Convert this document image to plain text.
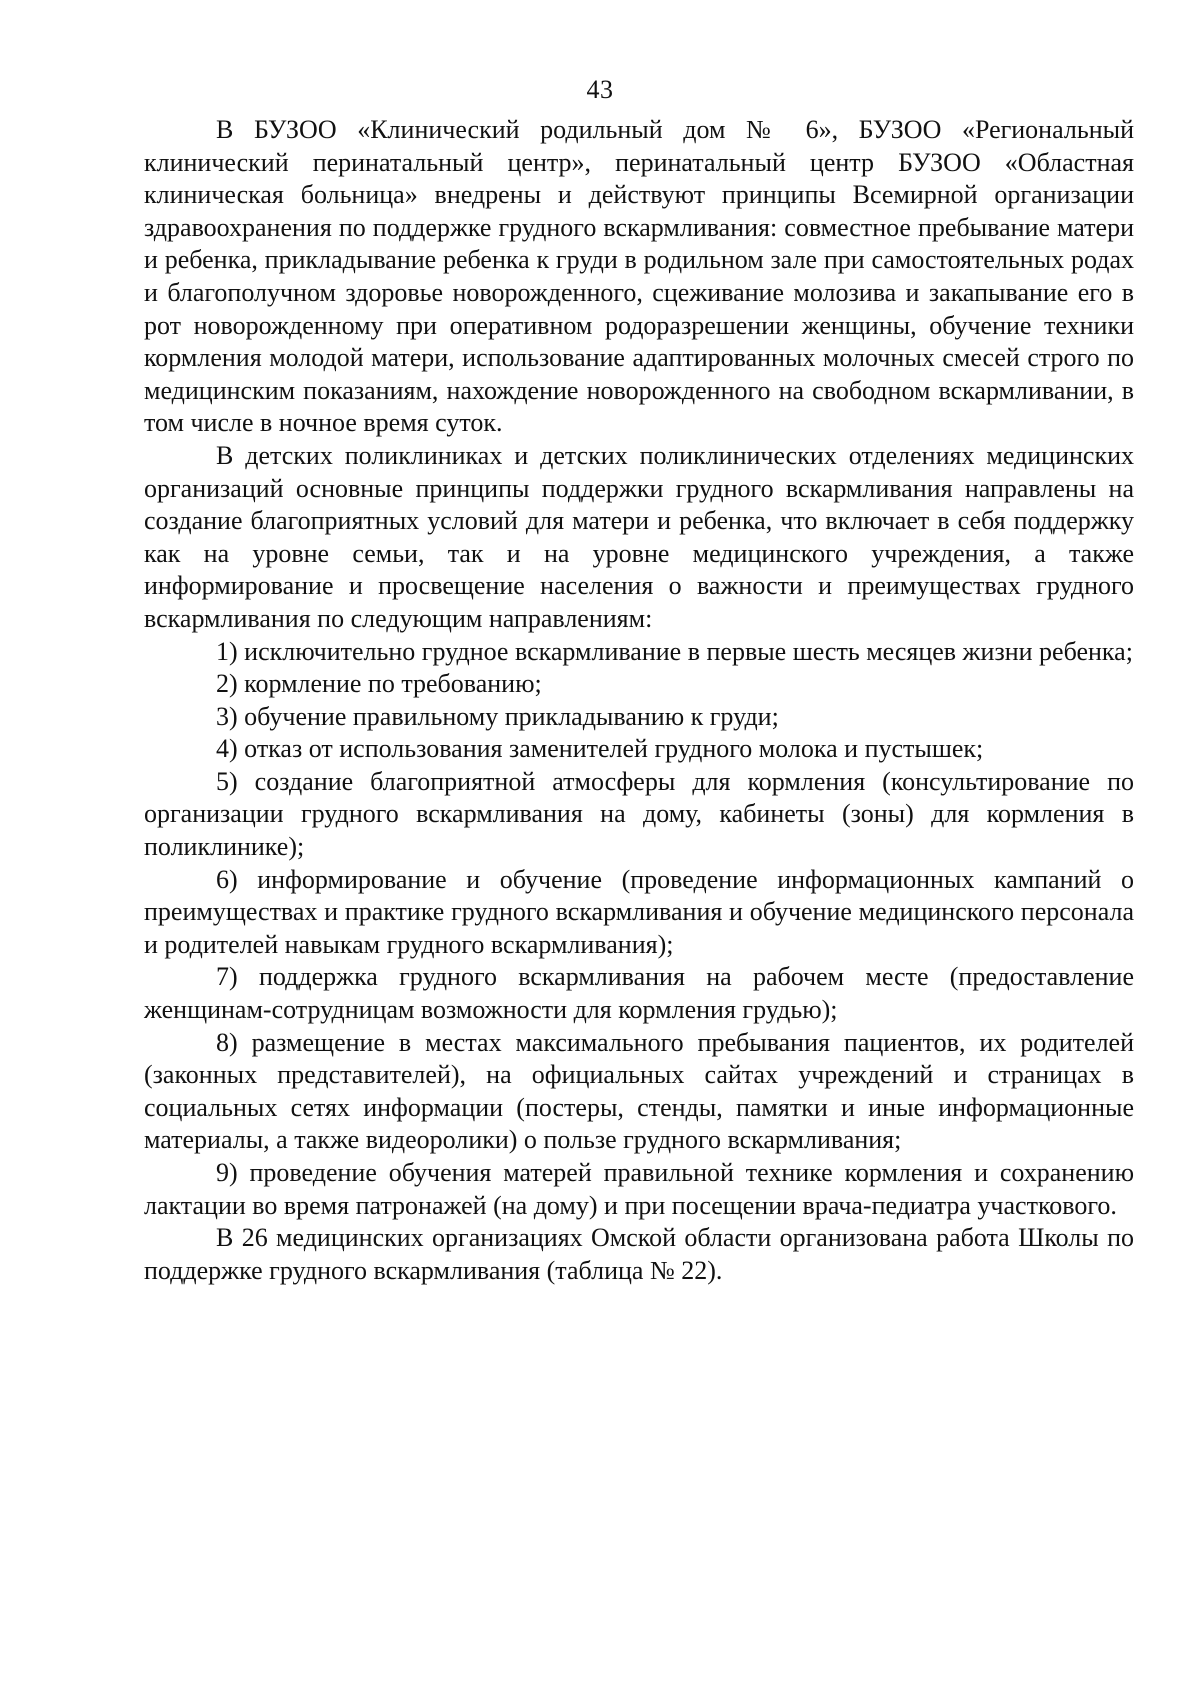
43

В БУЗОО «Клинический родильный дом № 6», БУЗОО «Региональный клинический перинатальный центр», перинатальный центр БУЗОО «Областная клиническая больница» внедрены и действуют принципы Всемирной организации здравоохранения по поддержке грудного вскармливания: совместное пребывание матери и ребенка, прикладывание ребенка к груди в родильном зале при самостоятельных родах и благополучном здоровье новорожденного, сцеживание молозива и закапывание его в рот новорожденному при оперативном родоразрешении женщины, обучение техники кормления молодой матери, использование адаптированных молочных смесей строго по медицинским показаниям, нахождение новорожденного на свободном вскармливании, в том числе в ночное время суток.

В детских поликлиниках и детских поликлинических отделениях медицинских организаций основные принципы поддержки грудного вскармливания направлены на создание благоприятных условий для матери и ребенка, что включает в себя поддержку как на уровне семьи, так и на уровне медицинского учреждения, а также информирование и просвещение населения о важности и преимуществах грудного вскармливания по следующим направлениям:

1) исключительно грудное вскармливание в первые шесть месяцев жизни ребенка;

2) кормление по требованию;

3) обучение правильному прикладыванию к груди;

4) отказ от использования заменителей грудного молока и пустышек;

5) создание благоприятной атмосферы для кормления (консультирование по организации грудного вскармливания на дому, кабинеты (зоны) для кормления в поликлинике);

6) информирование и обучение (проведение информационных кампаний о преимуществах и практике грудного вскармливания и обучение медицинского персонала и родителей навыкам грудного вскармливания);

7) поддержка грудного вскармливания на рабочем месте (предоставление женщинам-сотрудницам возможности для кормления грудью);

8) размещение в местах максимального пребывания пациентов, их родителей (законных представителей), на официальных сайтах учреждений и страницах в социальных сетях информации (постеры, стенды, памятки и иные информационные материалы, а также видеоролики) о пользе грудного вскармливания;

9) проведение обучения матерей правильной технике кормления и сохранению лактации во время патронажей (на дому) и при посещении врача-педиатра участкового.

В 26 медицинских организациях Омской области организована работа Школы по поддержке грудного вскармливания (таблица № 22).
